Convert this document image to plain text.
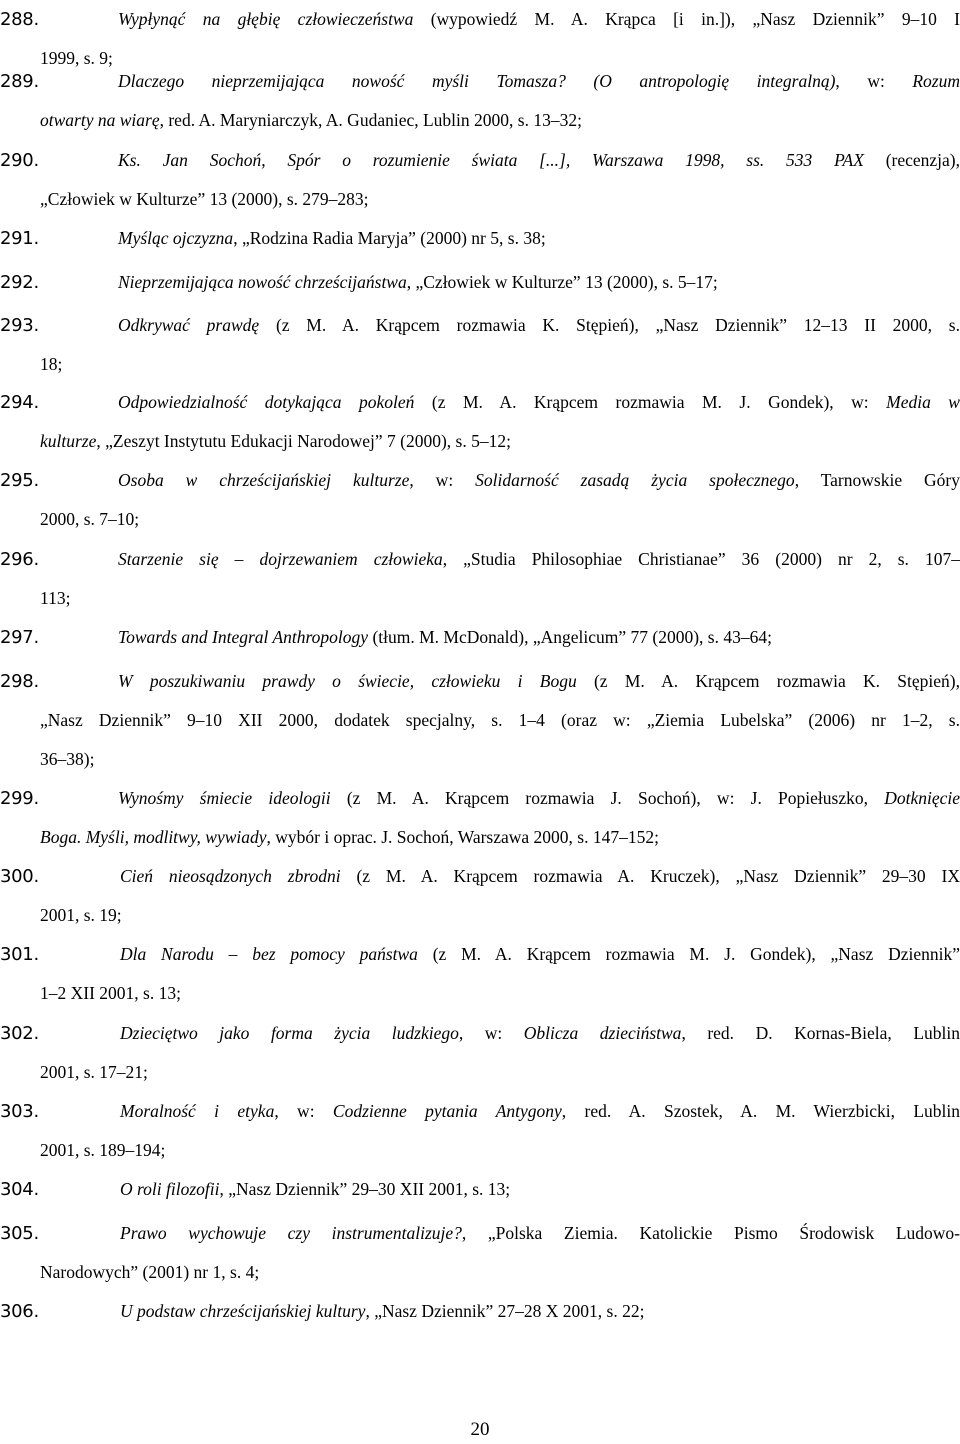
288.	Wypłynąć na głębię człowieczeństwa (wypowiedź M. A. Krąpca [i in.]), „Nasz Dziennik” 9–10 I
1999, s. 9;
289.	Dlaczego nieprzemijająca nowość myśli Tomasza? (O antropologię integralną), w: Rozum
otwarty na wiarę, red. A. Maryniarczyk, A. Gudaniec, Lublin 2000, s. 13–32;
290.	Ks. Jan Sochoń, Spór o rozumienie świata [...], Warszawa 1998, ss. 533 PAX (recenzja),
„Człowiek w Kulturze” 13 (2000), s. 279–283;
291.	Myśląc ojczyzna, „Rodzina Radia Maryja” (2000) nr 5, s. 38;
292.	Nieprzemijająca nowość chrześcijaństwa, „Człowiek w Kulturze” 13 (2000), s. 5–17;
293.	Odkrywać prawdę (z M. A. Krąpcem rozmawia K. Stępień), „Nasz Dziennik” 12–13 II 2000, s.
18;
294.	Odpowiedzialność dotykająca pokoleń (z M. A. Krąpcem rozmawia M. J. Gondek), w: Media w
kulturze, „Zeszyt Instytutu Edukacji Narodowej” 7 (2000), s. 5–12;
295.	Osoba w chrześcijańskiej kulturze, w: Solidarność zasadą życia społecznego, Tarnowskie Góry
2000, s. 7–10;
296.	Starzenie się – dojrzewaniem człowieka, „Studia Philosophiae Christianae” 36 (2000) nr 2, s. 107–
113;
297.	Towards and Integral Anthropology (tłum. M. McDonald), „Angelicum” 77 (2000), s. 43–64;
298.	W poszukiwaniu prawdy o świecie, człowieku i Bogu (z M. A. Krąpcem rozmawia K. Stępień),
„Nasz Dziennik” 9–10 XII 2000, dodatek specjalny, s. 1–4 (oraz w: „Ziemia Lubelska” (2006) nr 1–2, s.
36–38);
299.	Wynośmy śmiecie ideologii (z M. A. Krąpcem rozmawia J. Sochoń), w: J. Popiełuszko, Dotknięcie
Boga. Myśli, modlitwy, wywiady, wybór i oprac. J. Sochoń, Warszawa 2000, s. 147–152;
300.	Cień nieosądzonych zbrodni (z M. A. Krąpcem rozmawia A. Kruczek), „Nasz Dziennik” 29–30 IX
2001, s. 19;
301.	Dla Narodu – bez pomocy państwa (z M. A. Krąpcem rozmawia M. J. Gondek), „Nasz Dziennik”
1–2 XII 2001, s. 13;
302.	Dzieciętwo jako forma życia ludzkiego, w: Oblicza dzieciństwa, red. D. Kornas-Biela, Lublin
2001, s. 17–21;
303.	Moralność i etyka, w: Codzienne pytania Antygony, red. A. Szostek, A. M. Wierzbicki, Lublin
2001, s. 189–194;
304.	O roli filozofii, „Nasz Dziennik” 29–30 XII 2001, s. 13;
305.	Prawo wychowuje czy instrumentalizuje?, „Polska Ziemia. Katolickie Pismo Środowisk Ludowo-
Narodowych” (2001) nr 1, s. 4;
306.	U podstaw chrześcijańskiej kultury, „Nasz Dziennik” 27–28 X 2001, s. 22;
20
